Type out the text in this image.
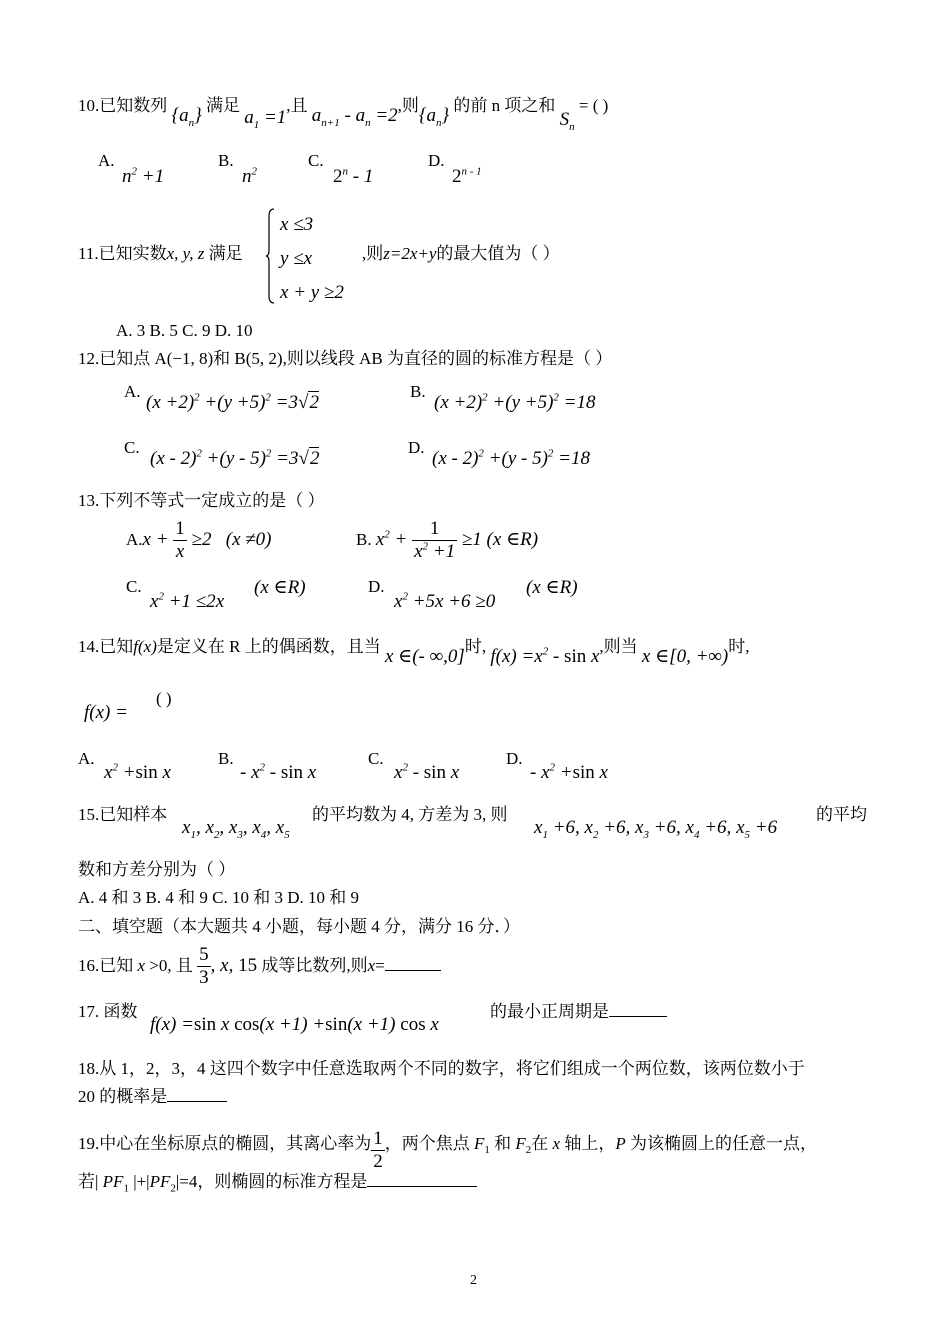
10.已知数列 $\{a_n\}$ 满足 $a_1 =1$,且 $a_{n+1} - a_n =2$,则$\{a_n\}$ 的前 n 项之和 $S_n$ = ( )
A.
$n^2 +1$
B.
$n^2$
C.
2$^n$ - 1
D.
2$^{n - 1}$
11.已知实数x, y, z 满足
x ≤3
y ≤x
x + y ≥2
,则z=2x+y的最大值为（ ）
A. 3 B. 5 C. 9 D. 10
12.已知点 A(−1, 8)和 B(5, 2),则以线段 AB 为直径的圆的标准方程是（ ）
A.
$(x +2)^2 +(y +5)^2 =3√2$
B.
$(x +2)^2 +(y +5)^2 =18$
C.
(x - 2)$^2$ +(y - 5)$^2$ =3√2
D.
(x - 2)$^2$ +(y - 5)$^2$ =18
13.下列不等式一定成立的是（ ）
$A.x + \frac{1}{x} \ge 2$   (x ≠0)	B. $x^2 + \frac{1}{x^2 +1} \ge 1$ (x ∈R)
C.
$x^2 +1 \le 2x$
(x ∈R)	D.
$x^2 +5x +6 \ge 0$
(x ∈R)
14.已知f(x)是定义在 R 上的偶函数，且当 x ∈(- ∞,0]时, $f(x) =x^2 - \sin x$,则当 x ∈[0, +∞)时,
f(x) =
( )
A.
$x^2 +\sin$ x
B.
- $x^2$ - sin x
C.
$x^2$ - sin x
D.
- $x^2 +\sin$ x
15.已知样本
$x_1$, $x_2$, $x_3$, $x_4$, $x_5$
的平均数为 4, 方差为 3, 则
$x_1 +6$, $x_2 +6$, $x_3 +6$, $x_4 +6$, $x_5 +6$
的平均
数和方差分别为（ ）
A. 4 和 3 B. 4 和 9 C. 10 和 3 D. 10 和 9
二、填空题（本大题共 4 小题，每小题 4 分，满分 16 分．）
16.已知 x >0, 且 $\frac{5}{3}$ , x, 15 成等比数列,则x=
17. 函数
f(x) =sin x cos(x +1) +sin(x +1) cos x
的最小正周期是
18.从 1，2，3，4 这四个数字中任意选取两个不同的数字，将它们组成一个两位数，该两位数小于
20 的概率是
19.中心在坐标原点的椭圆，其离心率为 $\frac{1}{2}$ ，两个焦点 $F_1$ 和 $F_2$在 x 轴上，P 为该椭圆上的任意一点，
若| $PF_1$ $|+|PF_2|=4$，则椭圆的标准方程是
2
